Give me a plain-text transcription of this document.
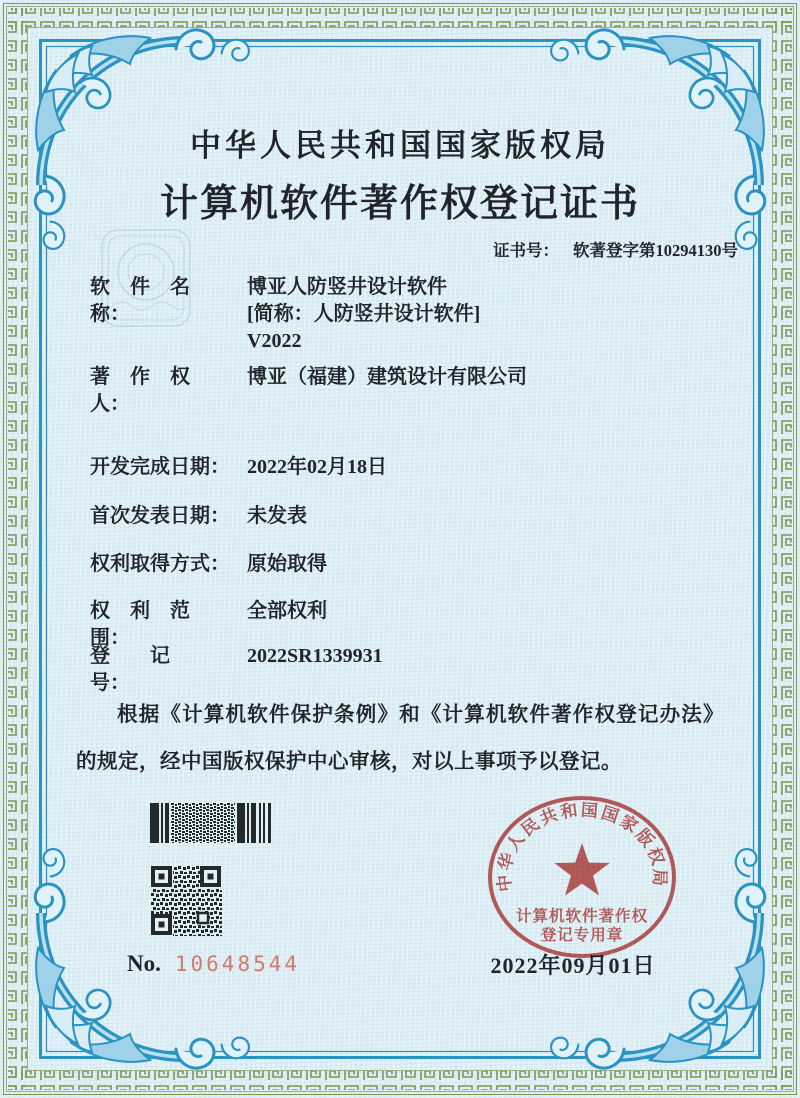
中华人民共和国国家版权局
计算机软件著作权登记证书
证书号： 软著登字第10294130号
软　件　名　称：
博亚人防竖井设计软件
[简称：人防竖井设计软件]
V2022
著　作　权　人：
博亚（福建）建筑设计有限公司
开发完成日期： 2022年02月18日
首次发表日期： 未发表
权利取得方式： 原始取得
权　利　范　围：
全部权利
登　　记　　号：
2022SR1339931
根据《计算机软件保护条例》和《计算机软件著作权登记办法》的规定，经中国版权保护中心审核，对以上事项予以登记。
No. 10648544	2022年09月01日
中华人民共和国国家版权局
计算机软件著作权
登记专用章
